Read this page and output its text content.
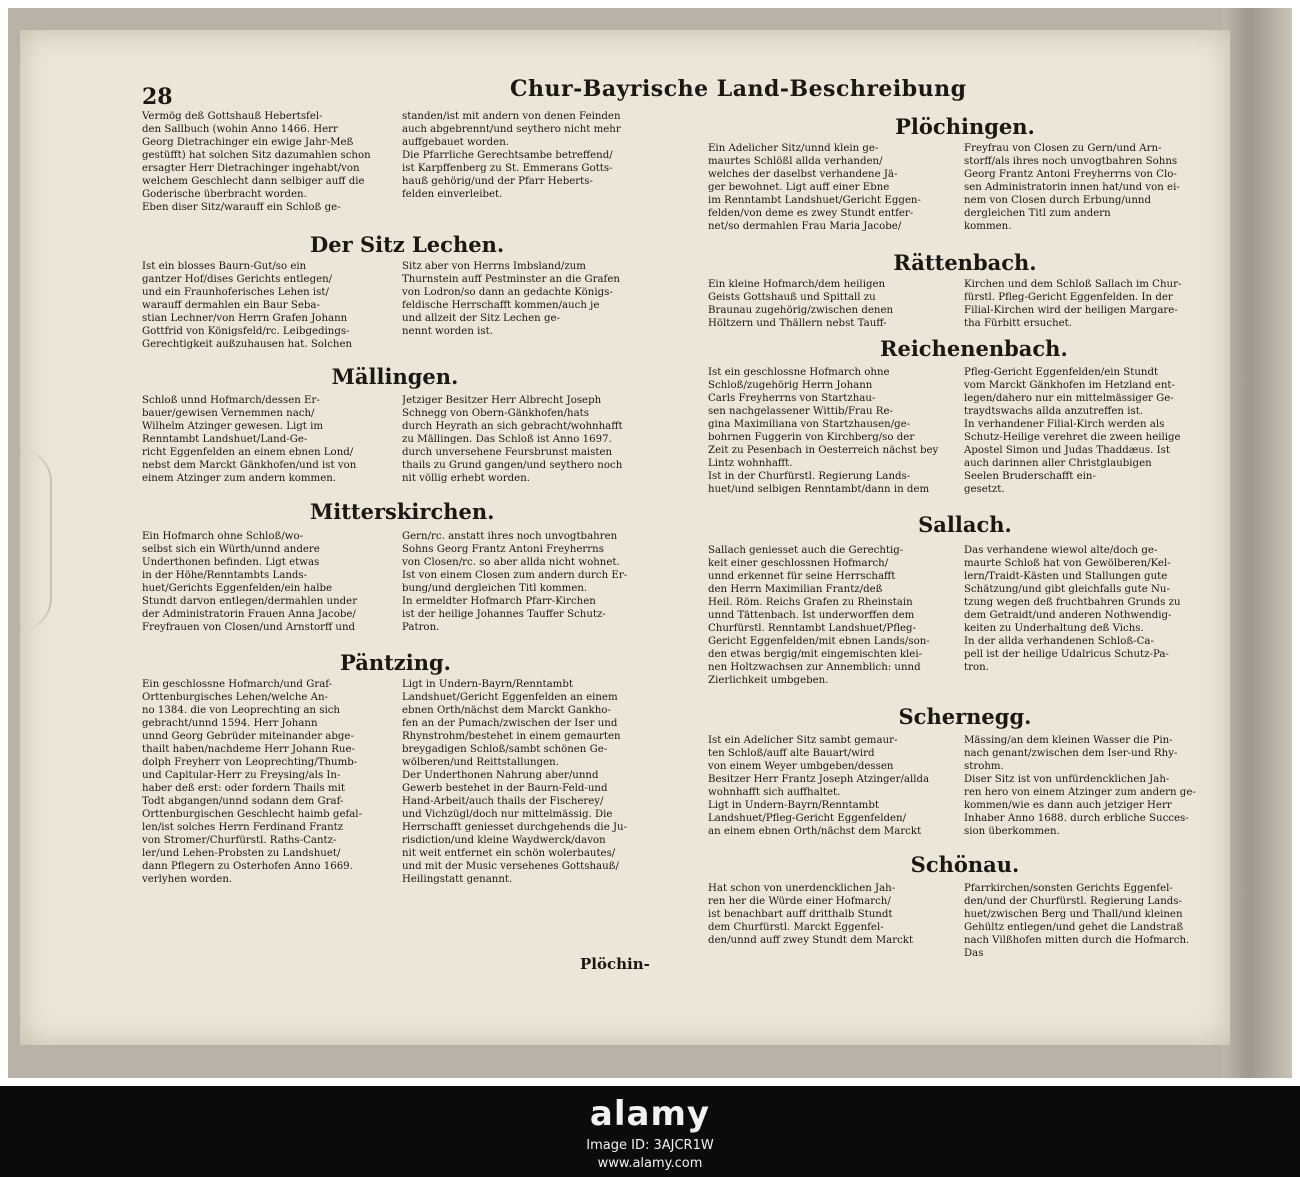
28	Chur-Bayrische Land-Beschreibung
Vermög deß Gottshauß Hebertsfel-
den Sallbuch (wohin Anno 1466. Herr
Georg Dietrachinger ein ewige Jahr-Meß
gestüfft) hat solchen Sitz dazumahlen schon
ersagter Herr Dietrachinger ingehabt/von
welchem Geschlecht dann selbiger auff die
Goderische überbracht worden.
Eben diser Sitz/warauff ein Schloß ge-
standen/ist mit andern von denen Feinden
auch abgebrennt/und seythero nicht mehr
auffgebauet worden.
Die Pfarrliche Gerechtsambe betreffend/
ist Karpffenberg zu St. Emmerans Gotts-
hauß gehörig/und der Pfarr Heberts-
felden einverleibet.
Der Sitz Lechen.
Ist ein blosses Baurn-Gut/so ein
gantzer Hof/dises Gerichts entlegen/
und ein Fraunhoferisches Lehen ist/
warauff dermahlen ein Baur Seba-
stian Lechner/von Herrn Grafen Johann
Gottfrid von Königsfeld/rc. Leibgedings-
Gerechtigkeit außzuhausen hat. Solchen
Sitz aber von Herrns Imbsland/zum
Thurnstein auff Pestminster an die Grafen
von Lodron/so dann an gedachte Königs-
feldische Herrschafft kommen/auch je
und allzeit der Sitz Lechen ge-
nennt worden ist.
Mällingen.
Schloß unnd Hofmarch/dessen Er-
bauer/gewisen Vernemmen nach/
Wilhelm Atzinger gewesen. Ligt im
Renntambt Landshuet/Land-Ge-
richt Eggenfelden an einem ebnen Lond/
nebst dem Marckt Gänkhofen/und ist von
einem Atzinger zum andern kommen.
Jetziger Besitzer Herr Albrecht Joseph
Schnegg von Obern-Gänkhofen/hats
durch Heyrath an sich gebracht/wohnhafft
zu Mällingen. Das Schloß ist Anno 1697.
durch unversehene Feursbrunst maisten
thails zu Grund gangen/und seythero noch
nit völlig erhebt worden.
Mitterskirchen.
Ein Hofmarch ohne Schloß/wo-
selbst sich ein Würth/unnd andere
Underthonen befinden. Ligt etwas
in der Höhe/Renntambts Lands-
huet/Gerichts Eggenfelden/ein halbe
Stundt darvon entlegen/dermahlen under
der Administratorin Frauen Anna Jacobe/
Freyfrauen von Closen/und Arnstorff und
Gern/rc. anstatt ihres noch unvogtbahren
Sohns Georg Frantz Antoni Freyherrns
von Closen/rc. so aber allda nicht wohnet.
Ist von einem Closen zum andern durch Er-
bung/und dergleichen Titl kommen.
In ermeldter Hofmarch Pfarr-Kirchen
ist der heilige Johannes Tauffer Schutz-
Patron.
Päntzing.
Ein geschlossne Hofmarch/und Graf-
Orttenburgisches Lehen/welche An-
no 1384. die von Leoprechting an sich
gebracht/unnd 1594. Herr Johann
unnd Georg Gebrüder miteinander abge-
thailt haben/nachdeme Herr Johann Rue-
dolph Freyherr von Leoprechting/Thumb-
und Capitular-Herr zu Freysing/als In-
haber deß erst: oder fordern Thails mit
Todt abgangen/unnd sodann dem Graf-
Orttenburgischen Geschlecht haimb gefal-
len/ist solches Herrn Ferdinand Frantz
von Stromer/Churfürstl. Raths-Cantz-
ler/und Lehen-Probsten zu Landshuet/
dann Pflegern zu Osterhofen Anno 1669.
verlyhen worden.
Ligt in Undern-Bayrn/Renntambt
Landshuet/Gericht Eggenfelden an einem
ebnen Orth/nächst dem Marckt Gankho-
fen an der Pumach/zwischen der Iser und
Rhynstrohm/bestehet in einem gemaurten
breygadigen Schloß/sambt schönen Ge-
wölberen/und Reittstallungen.
Der Underthonen Nahrung aber/unnd
Gewerb bestehet in der Baurn-Feld-und
Hand-Arbeit/auch thails der Fischerey/
und Vichzügl/doch nur mittelmässig. Die
Herrschafft geniesset durchgehends die Ju-
risdiction/und kleine Waydwerck/davon
nit weit entfernet ein schön wolerbautes/
und mit der Music versehenes Gottshauß/
Heilingstatt genannt.
Plöchin-
Plöchingen.
Ein Adelicher Sitz/unnd klein ge-
maurtes Schlößl allda verhanden/
welches der daselbst verhandene Jä-
ger bewohnet. Ligt auff einer Ebne
im Renntambt Landshuet/Gericht Eggen-
felden/von deme es zwey Stundt entfer-
net/so dermahlen Frau Maria Jacobe/
Freyfrau von Closen zu Gern/und Arn-
storff/als ihres noch unvogtbahren Sohns
Georg Frantz Antoni Freyherrns von Clo-
sen Administratorin innen hat/und von ei-
nem von Closen durch Erbung/unnd
dergleichen Titl zum andern
kommen.
Rättenbach.
Ein kleine Hofmarch/dem heiligen
Geists Gottshauß und Spittall zu
Braunau zugehörig/zwischen denen
Höltzern und Thällern nebst Tauff-
Kirchen und dem Schloß Sallach im Chur-
fürstl. Pfleg-Gericht Eggenfelden. In der
Filial-Kirchen wird der heiligen Margare-
tha Fürbitt ersuchet.
Reichenenbach.
Ist ein geschlossne Hofmarch ohne
Schloß/zugehörig Herrn Johann
Carls Freyherrns von Startzhau-
sen nachgelassener Wittib/Frau Re-
gina Maximiliana von Startzhausen/ge-
bohrnen Fuggerin von Kirchberg/so der
Zeit zu Pesenbach in Oesterreich nächst bey
Lintz wohnhafft.
Ist in der Churfürstl. Regierung Lands-
huet/und selbigen Renntambt/dann in dem
Pfleg-Gericht Eggenfelden/ein Stundt
vom Marckt Gänkhofen im Hetzland ent-
legen/dahero nur ein mittelmässiger Ge-
traydtswachs allda anzutreffen ist.
In verhandener Filial-Kirch werden als
Schutz-Heilige verehret die zween heilige
Apostel Simon und Judas Thaddæus. Ist
auch darinnen aller Christglaubigen
Seelen Bruderschafft ein-
gesetzt.
Sallach.
Sallach geniesset auch die Gerechtig-
keit einer geschlossnen Hofmarch/
unnd erkennet für seine Herrschafft
den Herrn Maximilian Frantz/deß
Heil. Röm. Reichs Grafen zu Rheinstain
unnd Tättenbach. Ist underworffen dem
Churfürstl. Renntambt Landshuet/Pfleg-
Gericht Eggenfelden/mit ebnen Lands/son-
den etwas bergig/mit eingemischten klei-
nen Holtzwachsen zur Annemblich: unnd
Zierlichkeit umbgeben.
Das verhandene wiewol alte/doch ge-
maurte Schloß hat von Gewölberen/Kel-
lern/Traidt-Kästen und Stallungen gute
Schätzung/und gibt gleichfalls gute Nu-
tzung wegen deß fruchtbahren Grunds zu
dem Getraidt/und anderen Nothwendig-
keiten zu Underhaltung deß Vichs.
In der allda verhandenen Schloß-Ca-
pell ist der heilige Udalricus Schutz-Pa-
tron.
Schernegg.
Ist ein Adelicher Sitz sambt gemaur-
ten Schloß/auff alte Bauart/wird
von einem Weyer umbgeben/dessen
Besitzer Herr Frantz Joseph Atzinger/allda
wohnhafft sich auffhaltet.
Ligt in Undern-Bayrn/Renntambt
Landshuet/Pfleg-Gericht Eggenfelden/
an einem ebnen Orth/nächst dem Marckt
Mässing/an dem kleinen Wasser die Pin-
nach genant/zwischen dem Iser-und Rhy-
strohm.
Diser Sitz ist von unfürdencklichen Jah-
ren hero von einem Atzinger zum andern ge-
kommen/wie es dann auch jetziger Herr
Inhaber Anno 1688. durch erbliche Succes-
sion überkommen.
Schönau.
Hat schon von unerdencklichen Jah-
ren her die Würde einer Hofmarch/
ist benachbart auff dritthalb Stundt
dem Churfürstl. Marckt Eggenfel-
den/unnd auff zwey Stundt dem Marckt
Pfarrkirchen/sonsten Gerichts Eggenfel-
den/und der Churfürstl. Regierung Lands-
huet/zwischen Berg und Thall/und kleinen
Gehültz entlegen/und gehet die Landstraß
nach Vilßhofen mitten durch die Hofmarch.
Das
alamy
Image ID: 3AJCR1W
www.alamy.com
